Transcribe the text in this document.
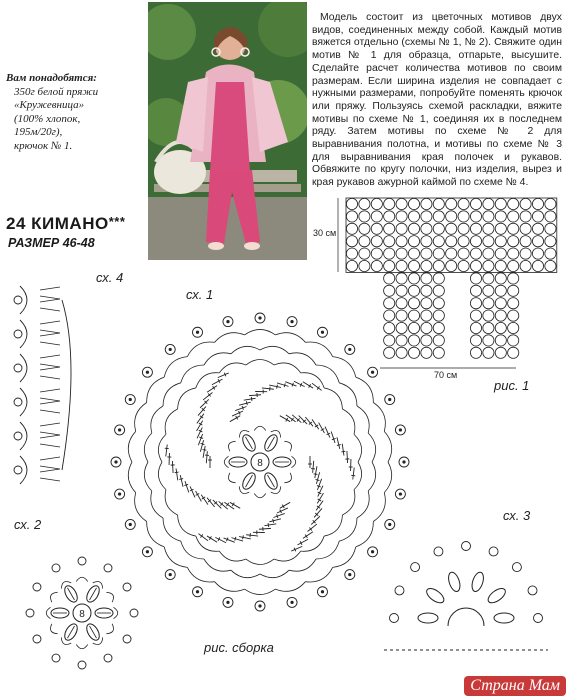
Вам понадобятся:
350г белой пряжи
«Кружевница»
(100% хлопок,
195м/20г),
крючок № 1.

Модель состоит из цветочных мотивов двух видов, соединенных между собой. Каждый мотив вяжется отдельно (схемы № 1, № 2). Свяжите один мотив № 1 для образца, отпарьте, высушите. Сделайте расчет количества мотивов по своим размерам. Если ширина изделия не совпадает с нужными размерами, попробуйте поменять крючок или пряжу. Пользуясь схемой раскладки, вяжите мотивы по схеме № 1, соединяя их в последнем ряду. Затем мотивы по схеме № 2 для выравнивания полотна, и мотивы по схеме № 3 для выравнивания края полочек и рукавов. Обвяжите по кругу полочки, низ изделия, вырез и края рукавов ажурной каймой по схеме № 4.

24 КИМАНО***
РАЗМЕР 46-48
30 см
70 см
рис. 1
сх. 4
сх. 1
сх. 2
сх. 3
рис. сборка
8
8
Страна Мам
